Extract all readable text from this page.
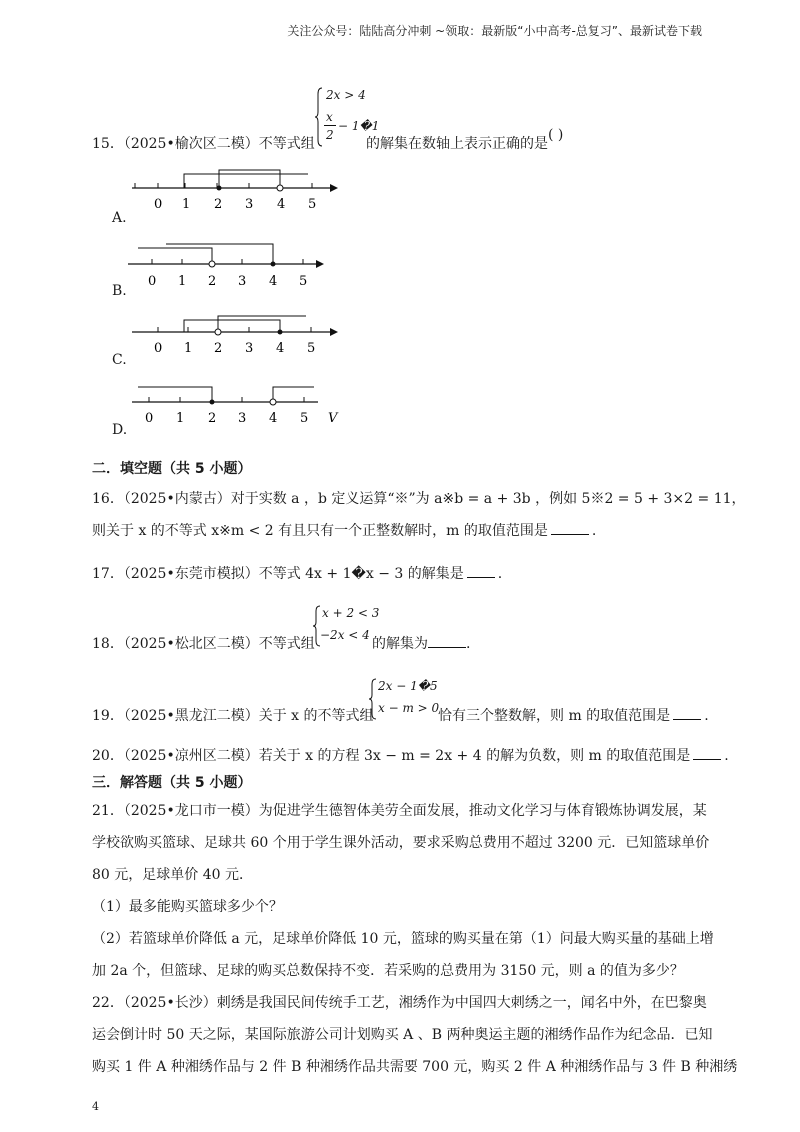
关注公众号：陆陆高分冲刺 ~领取：最新版“小中高考-总复习”、最新试卷下载
15．（2025•榆次区二模）不等式组
2x > 4
x
2
− 1�1
的解集在数轴上表示正确的是
( )
0 1 2 3 4 5
A.
0 1 2 3 4 5
B.
0 1 2 3 4 5
C.
0 1 2 3 4 5 V
D.
二．填空题（共 5 小题）
16．（2025•内蒙古）对于实数 a ，b 定义运算“※”为 a※b = a + 3b ，例如 5※2 = 5 + 3×2 = 11，
则关于 x 的不等式 x※m < 2 有且只有一个正整数解时，m 的取值范围是	.
17．（2025•东莞市模拟）不等式 4x + 1�x − 3 的解集是 .
18．（2025•松北区二模）不等式组
x + 2 < 3
−2x < 4
的解集为	.
19．（2025•黑龙江二模）关于 x 的不等式组
2x − 1�5
x − m > 0
恰有三个整数解，则 m 的取值范围是 .
20．（2025•凉州区二模）若关于 x 的方程 3x − m = 2x + 4 的解为负数，则 m 的取值范围是 .
三．解答题（共 5 小题）
21．（2025•龙口市一模）为促进学生德智体美劳全面发展，推动文化学习与体育锻炼协调发展，某
学校欲购买篮球、足球共 60 个用于学生课外活动，要求采购总费用不超过 3200 元．已知篮球单价
80 元，足球单价 40 元．
（1）最多能购买篮球多少个？
（2）若篮球单价降低 a 元，足球单价降低 10 元，篮球的购买量在第（1）问最大购买量的基础上增
加 2a 个，但篮球、足球的购买总数保持不变．若采购的总费用为 3150 元，则 a 的值为多少？
22．（2025•长沙）刺绣是我国民间传统手工艺，湘绣作为中国四大刺绣之一，闻名中外，在巴黎奥
运会倒计时 50 天之际，某国际旅游公司计划购买 A 、B 两种奥运主题的湘绣作品作为纪念品．已知
购买 1 件 A 种湘绣作品与 2 件 B 种湘绣作品共需要 700 元，购买 2 件 A 种湘绣作品与 3 件 B 种湘绣
4
